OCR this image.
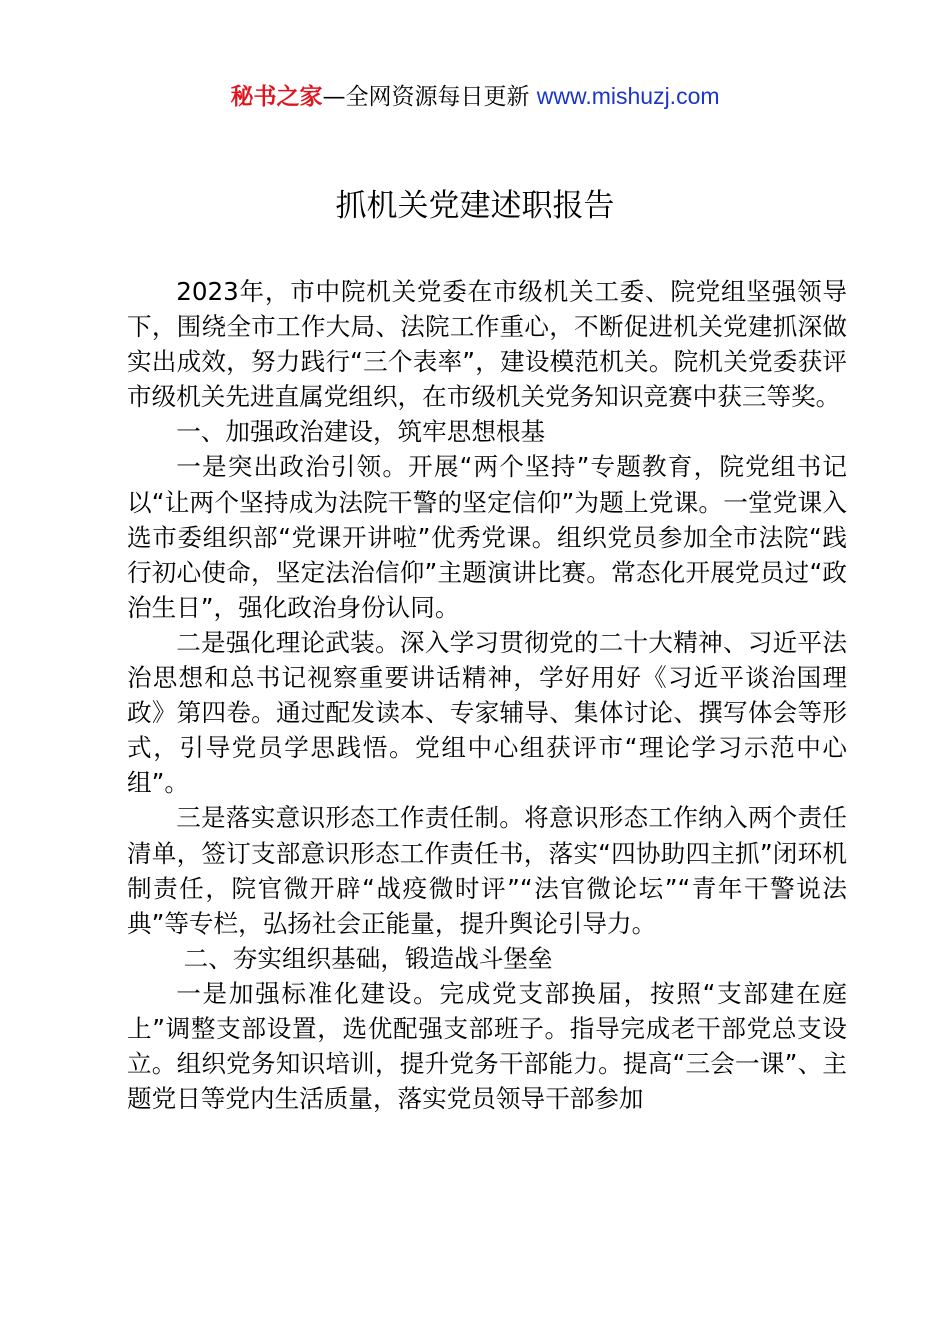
秘书之家—全网资源每日更新 www.mishuzj.com
抓机关党建述职报告

2023年，市中院机关党委在市级机关工委、院党组坚强领导下，围绕全市工作大局、法院工作重心，不断促进机关党建抓深做实出成效，努力践行“三个表率”，建设模范机关。院机关党委获评市级机关先进直属党组织，在市级机关党务知识竞赛中获三等奖。

一、加强政治建设，筑牢思想根基

一是突出政治引领。开展“两个坚持”专题教育，院党组书记以“让两个坚持成为法院干警的坚定信仰”为题上党课。一堂党课入选市委组织部“党课开讲啦”优秀党课。组织党员参加全市法院“践行初心使命，坚定法治信仰”主题演讲比赛。常态化开展党员过“政治生日”，强化政治身份认同。

二是强化理论武装。深入学习贯彻党的二十大精神、习近平法治思想和总书记视察重要讲话精神，学好用好《习近平谈治国理政》第四卷。通过配发读本、专家辅导、集体讨论、撰写体会等形式，引导党员学思践悟。党组中心组获评市“理论学习示范中心组”。

三是落实意识形态工作责任制。将意识形态工作纳入两个责任清单，签订支部意识形态工作责任书，落实“四协助四主抓”闭环机制责任，院官微开辟“战疫微时评”“法官微论坛”“青年干警说法典”等专栏，弘扬社会正能量，提升舆论引导力。

二、夯实组织基础，锻造战斗堡垒

一是加强标准化建设。完成党支部换届，按照“支部建在庭上”调整支部设置，选优配强支部班子。指导完成老干部党总支设立。组织党务知识培训，提升党务干部能力。提高“三会一课”、主题党日等党内生活质量，落实党员领导干部参加
